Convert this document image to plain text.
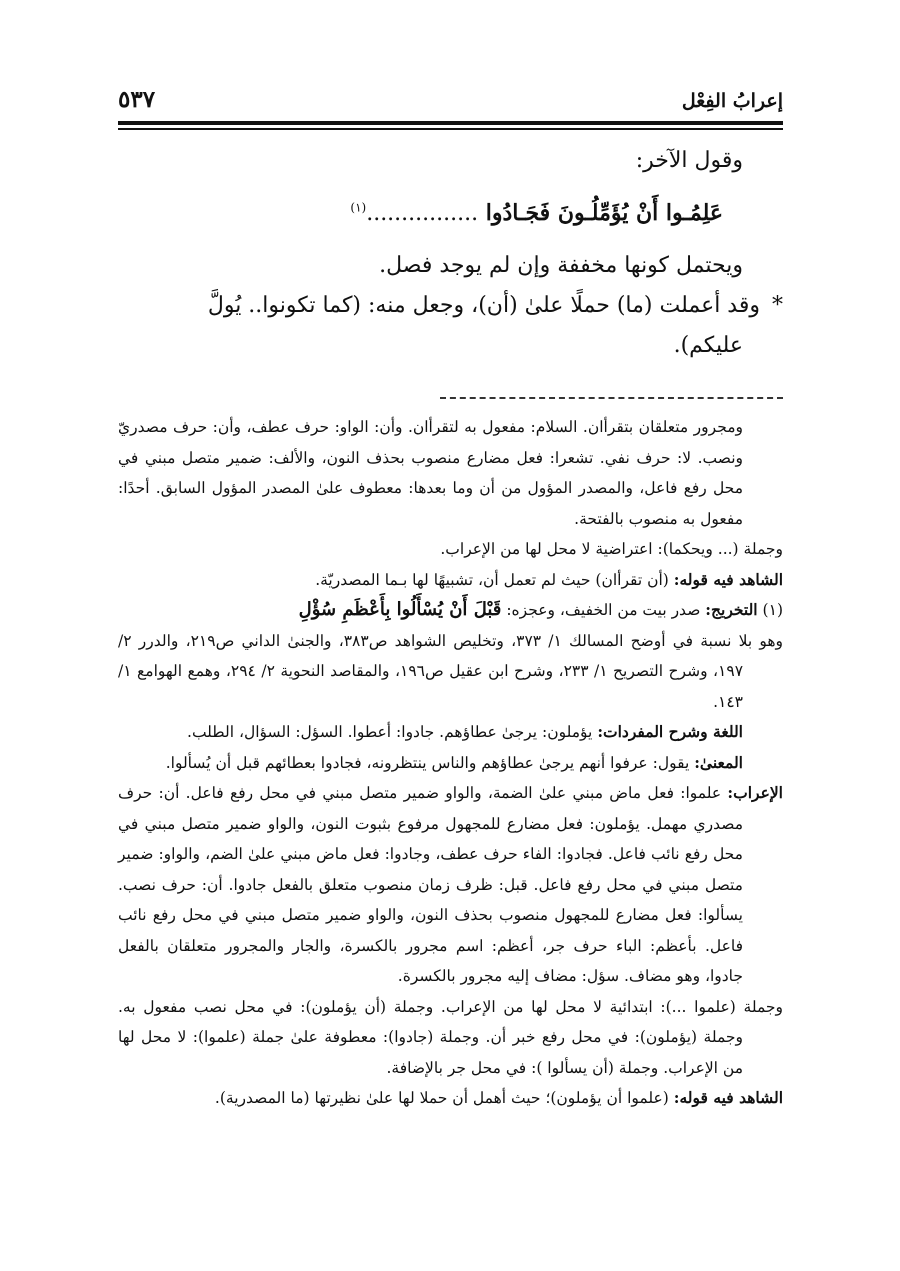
إعرابُ الفِعْل
٥٣٧
وقول الآخر:
عَلِمُـوا أَنْ يُؤَمِّلُـونَ فَجَـادُوا ................$^{(١)}$
ويحتمل كونها مخففة وإن لم يوجد فصل.
*وقد أعملت (ما) حملًا علىٰ (أن)، وجعل منه: (كما تكونوا.. يُولَّ
عليكم).

ومجرور متعلقان بتقرأان. السلام: مفعول به لتقرأان. وأن: الواو: حرف عطف، وأن: حرف مصدريّ ونصب. لا: حرف نفي. تشعرا: فعل مضارع منصوب بحذف النون، والألف: ضمير متصل مبني في محل رفع فاعل، والمصدر المؤول من أن وما بعدها: معطوف علىٰ المصدر المؤول السابق. أحدًا: مفعول به منصوب بالفتحة.

وجملة (... ويحكما): اعتراضية لا محل لها من الإعراب.

الشاهد فيه قوله: (أن تقرأان) حيث لم تعمل أن، تشبيهًا لها بـما المصدريّة.

(١) التخريج: صدر بيت من الخفيف، وعجزه: قَبْلَ أَنْ يُسْأَلُوا بِأَعْظَمِ سُؤْلِ

وهو بلا نسبة في أوضح المسالك ١/ ٣٧٣، وتخليص الشواهد ص٣٨٣، والجنىٰ الداني ص٢١٩، والدرر ٢/ ١٩٧، وشرح التصريح ١/ ٢٣٣، وشرح ابن عقيل ص١٩٦، والمقاصد النحوية ٢/ ٢٩٤، وهمع الهوامع ١/ ١٤٣.

اللغة وشرح المفردات: يؤملون: يرجىٰ عطاؤهم. جادوا: أعطوا. السؤل: السؤال، الطلب.

المعنىٰ: يقول: عرفوا أنهم يرجىٰ عطاؤهم والناس ينتظرونه، فجادوا بعطائهم قبل أن يُسألوا.

الإعراب: علموا: فعل ماض مبني علىٰ الضمة، والواو ضمير متصل مبني في محل رفع فاعل. أن: حرف مصدري مهمل. يؤملون: فعل مضارع للمجهول مرفوع بثبوت النون، والواو ضمير متصل مبني في محل رفع نائب فاعل. فجادوا: الفاء حرف عطف، وجادوا: فعل ماض مبني علىٰ الضم، والواو: ضمير متصل مبني في محل رفع فاعل. قبل: ظرف زمان منصوب متعلق بالفعل جادوا. أن: حرف نصب. يسألوا: فعل مضارع للمجهول منصوب بحذف النون، والواو ضمير متصل مبني في محل رفع نائب فاعل. بأعظم: الباء حرف جر، أعظم: اسم مجرور بالكسرة، والجار والمجرور متعلقان بالفعل جادوا، وهو مضاف. سؤل: مضاف إليه مجرور بالكسرة.

وجملة (علموا ...): ابتدائية لا محل لها من الإعراب. وجملة (أن يؤملون): في محل نصب مفعول به. وجملة (يؤملون): في محل رفع خبر أن. وجملة (جادوا): معطوفة علىٰ جملة (علموا): لا محل لها من الإعراب. وجملة (أن يسألوا ): في محل جر بالإضافة.

الشاهد فيه قوله: (علموا أن يؤملون)؛ حيث أهمل أن حملا لها علىٰ نظيرتها (ما المصدرية).
